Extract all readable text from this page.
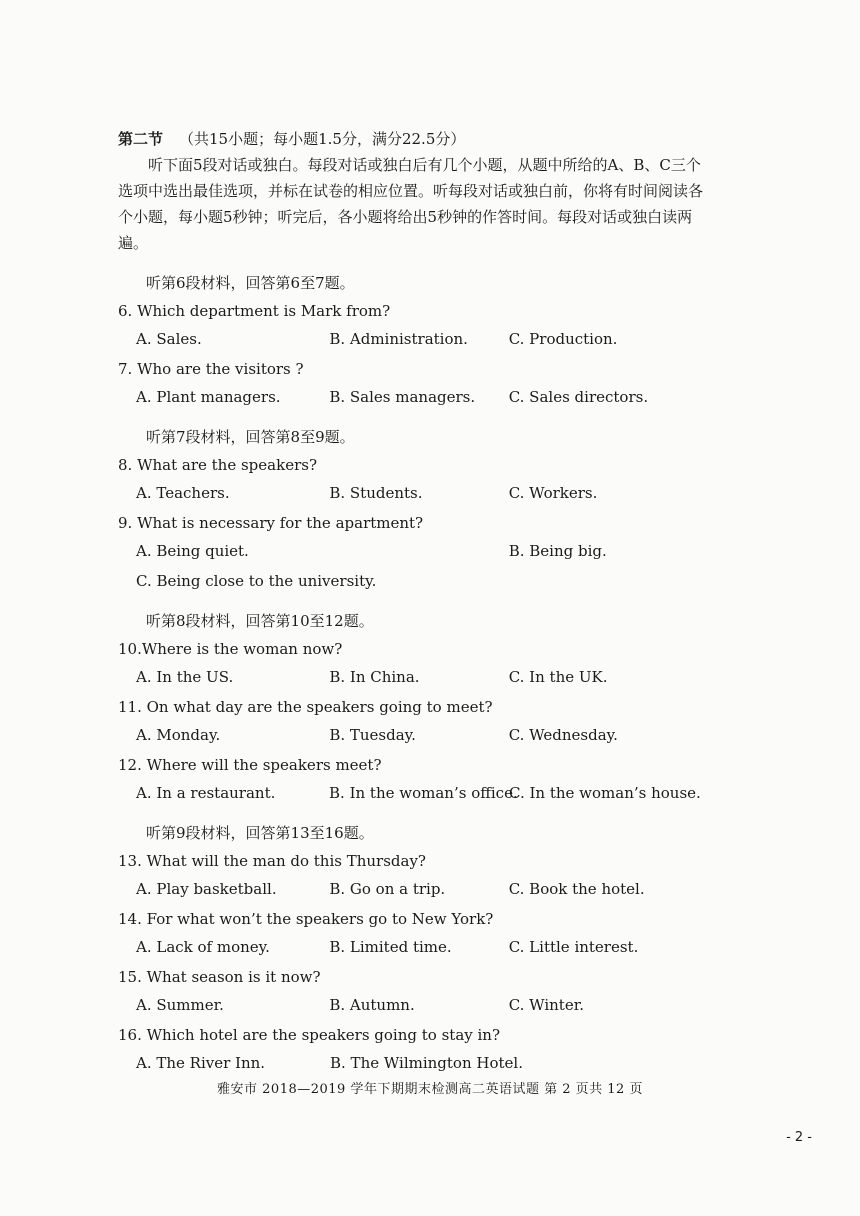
第二节 （共15小题；每小题1.5分，满分22.5分）

听下面5段对话或独白。每段对话或独白后有几个小题，从题中所给的A、B、C三个选项中选出最佳选项，并标在试卷的相应位置。听每段对话或独白前，你将有时间阅读各个小题，每小题5秒钟；听完后，各小题将给出5秒钟的作答时间。每段对话或独白读两遍。

听第6段材料，回答第6至7题。
6. Which department is Mark from?
A. Sales.	B. Administration.	C. Production.
7. Who are the visitors ?
A. Plant managers.	B. Sales managers.	C. Sales directors.
听第7段材料，回答第8至9题。
8. What are the speakers?
A. Teachers.	B. Students.	C. Workers.
9. What is necessary for the apartment?
A. Being quiet.	B. Being big.
C. Being close to the university.
听第8段材料，回答第10至12题。
10.Where is the woman now?
A. In the US.	B. In China.	C. In the UK.
11. On what day are the speakers going to meet?
A. Monday.	B. Tuesday.	C. Wednesday.
12. Where will the speakers meet?
A. In a restaurant.	B. In the woman’s office.
C. In the woman’s house.
听第9段材料，回答第13至16题。
13. What will the man do this Thursday?
A. Play basketball.	B. Go on a trip.	C. Book the hotel.
14. For what won’t the speakers go to New York?
A. Lack of money.	B. Limited time.	C. Little interest.
15. What season is it now?
A. Summer.	B. Autumn.	C. Winter.
16. Which hotel are the speakers going to stay in?
A. The River Inn.	B. The Wilmington Hotel.
雅安市 2018—2019 学年下期期末检测高二英语试题 第 2 页共 12 页
- 2 -
